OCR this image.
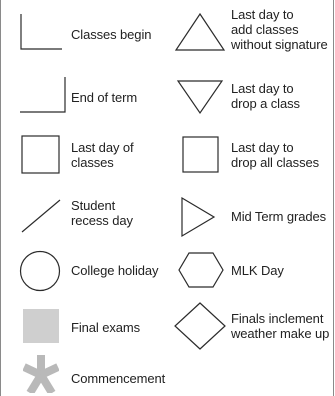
Classes begin
Last day to
add classes
without signature
End of term
Last day to
drop a class
Last day of
classes
Last day to
drop all classes
Student
recess day	Mid Term grades
College holiday	MLK Day
Final exams
Finals inclement
weather make up
Commencement
